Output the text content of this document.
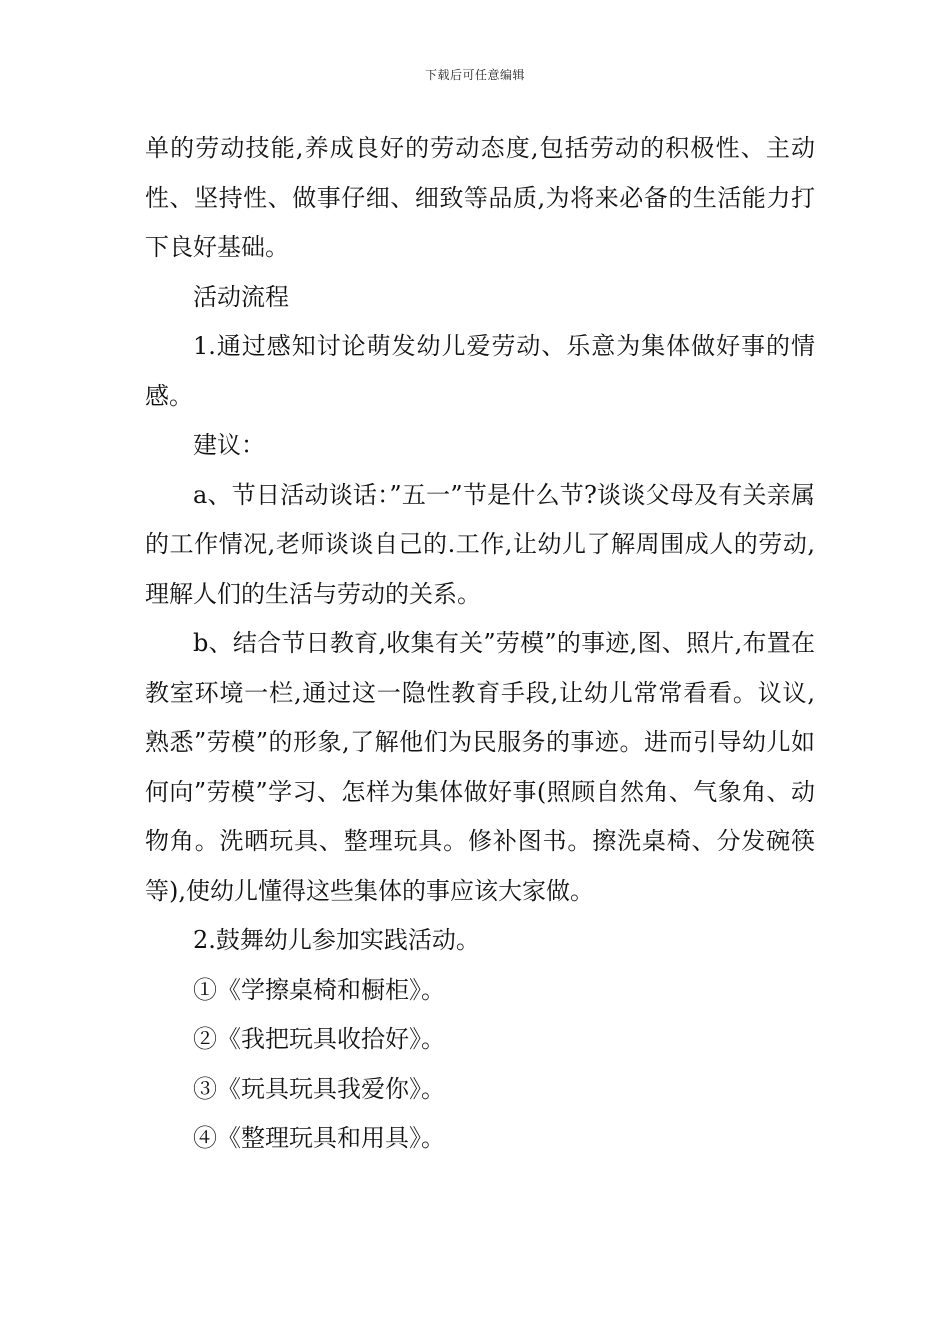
下载后可任意编辑

单的劳动技能,养成良好的劳动态度,包括劳动的积极性、主动性、坚持性、做事仔细、细致等品质,为将来必备的生活能力打下良好基础。

活动流程

1.通过感知讨论萌发幼儿爱劳动、乐意为集体做好事的情感。

建议：

a、节日活动谈话：”五一”节是什么节?谈谈父母及有关亲属的工作情况,老师谈谈自己的.工作,让幼儿了解周围成人的劳动,理解人们的生活与劳动的关系。

b、结合节日教育,收集有关”劳模”的事迹,图、照片,布置在教室环境一栏,通过这一隐性教育手段,让幼儿常常看看。议议,熟悉”劳模”的形象,了解他们为民服务的事迹。进而引导幼儿如何向”劳模”学习、怎样为集体做好事(照顾自然角、气象角、动物角。洗晒玩具、整理玩具。修补图书。擦洗桌椅、分发碗筷等),使幼儿懂得这些集体的事应该大家做。

2.鼓舞幼儿参加实践活动。

①《学擦桌椅和橱柜》。

②《我把玩具收拾好》。

③《玩具玩具我爱你》。

④《整理玩具和用具》。
